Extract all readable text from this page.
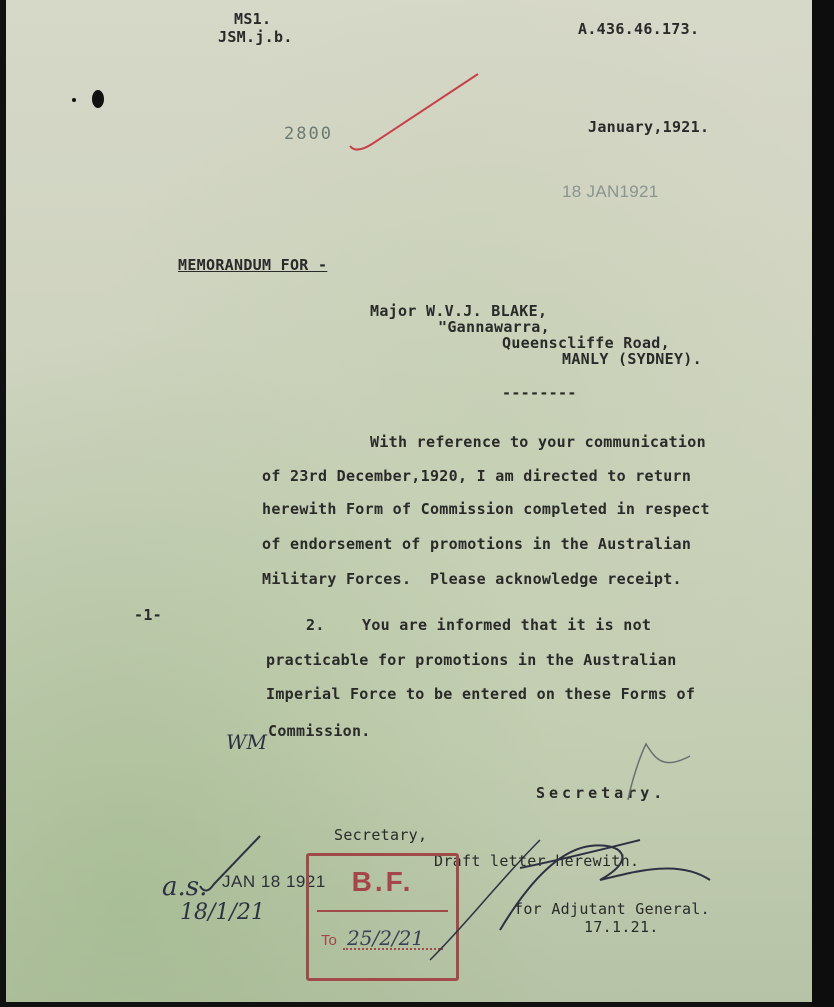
MS1.
JSM.j.b.	A.436.46.173.
2800	January,1921.
18 JAN1921
MEMORANDUM FOR -
Major W.V.J. BLAKE,
"Gannawarra,
Queenscliffe Road,
MANLY (SYDNEY).
--------
With reference to your communication
of 23rd December,1920, I am directed to return
herewith Form of Commission completed in respect
of endorsement of promotions in the Australian
Military Forces.  Please acknowledge receipt.
-1-
2.    You are informed that it is not
practicable for promotions in the Australian
Imperial Force to be entered on these Forms of
Commission.
WM
Secretary.
Secretary,
Draft letter herewith.
for Adjutant General.
17.1.21.
JAN 18 1921
a.s.
18/1/21
B.F.
To 25/2/21
